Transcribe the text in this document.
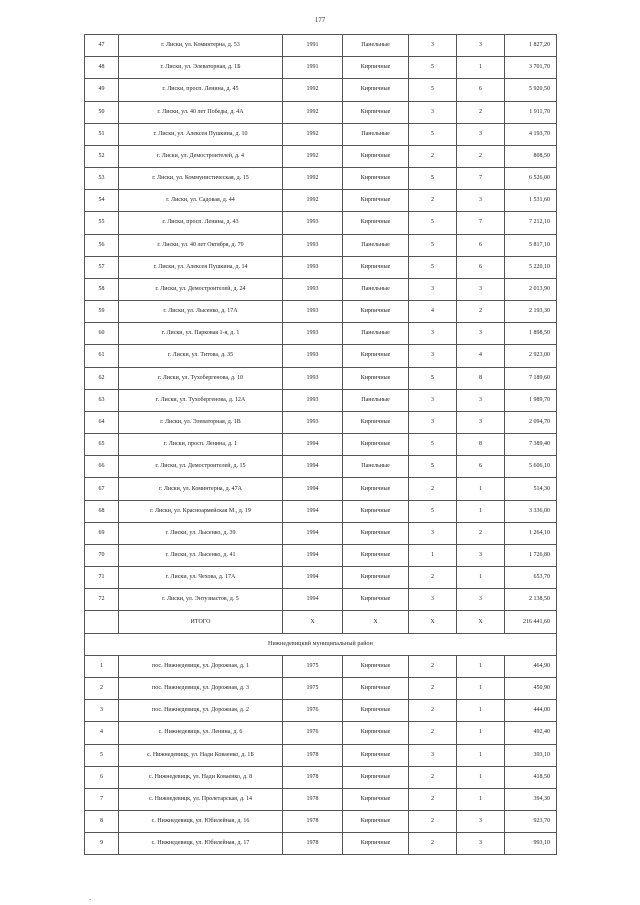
177
47	г. Лиски, ул. Коминтерна, д. 53	1991	Панельные	3	3	1 827,20
48	г. Лиски, ул. Элеваторная, д. 1Б	1991	Кирпичные	5	1	3 701,70
49	г. Лиски, просп. Ленина, д. 45	1992	Кирпичные	5	6	5 920,50
50	г. Лиски, ул. 40 лет Победы, д. 4А	1992	Кирпичные	3	2	1 911,70
51	г. Лиски, ул. Алексея Пушкина, д. 10	1992	Панельные	5	3	4 193,70
52	г. Лиски, ул. Демостроителей, д. 4	1992	Кирпичные	2	2	808,50
53	г. Лиски, ул. Коммунистическая, д. 15	1992	Кирпичные	5	7	6 526,00
54	г. Лиски, ул. Садовая, д. 44	1992	Кирпичные	2	3	1 531,60
55	г. Лиски, просп. Ленина, д. 43	1993	Кирпичные	5	7	7 212,10
56	г. Лиски, ул. 40 лет Октября, д. 79	1993	Панельные	5	6	5 817,10
57	г. Лиски, ул. Алексея Пушкина, д. 14	1993	Кирпичные	5	6	5 220,10
58	г. Лиски, ул. Демостроителей, д. 24	1993	Панельные	3	3	2 013,90
59	г. Лиски, ул. Лысенко, д. 17А	1993	Кирпичные	4	2	2 193,30
60	г. Лиски, ул. Парковая 1-я, д. 1	1993	Панельные	3	3	1 898,50
61	г. Лиски, ул. Титова, д. 35	1993	Кирпичные	3	4	2 923,00
62	г. Лиски, ул. Тухобергенова, д. 10	1993	Кирпичные	5	8	7 189,60
63	г. Лиски, ул. Тухобергенова, д. 12А	1993	Панельные	3	3	1 989,70
64	г. Лиски, ул. Элеваторная, д. 1В	1993	Кирпичные	3	3	2 094,70
65	г. Лиски, просп. Ленина, д. 1	1994	Кирпичные	5	8	7 389,40
66	г. Лиски, ул. Демостроителей, д. 15	1994	Панельные	5	6	5 606,10
67	г. Лиски, ул. Коминтерна, д. 47А	1994	Кирпичные	2	1	514,30
68	г. Лиски, ул. Красноармейская М., д. 19	1994	Кирпичные	5	1	3 336,00
69	г. Лиски, ул. Лысенко, д. 39	1994	Кирпичные	3	2	1 264,10
70	г. Лиски, ул. Лысенко, д. 41	1994	Кирпичные	1	3	1 726,80
71	г. Лиски, ул. Чехова, д. 17А	1994	Кирпичные	2	1	653,70
72	г. Лиски, ул. Энтузиастов, д. 5	1994	Кирпичные	3	3	2 138,50
	ИТОГО	X	X	X	X	216 441,60
Нижнедевицкий муниципальный район						
1	пос. Нижнедевицк, ул. Дорожная, д. 1	1975	Кирпичные	2	1	464,90
2	пос. Нижнедевицк, ул. Дорожная, д. 3	1975	Кирпичные	2	1	450,90
3	пос. Нижнедевицк, ул. Дорожная, д. 2	1976	Кирпичные	2	1	444,00
4	с. Нижнедевицк, ул. Ленина, д. 6	1976	Кирпичные	2	1	492,40
5	с. Нижнедевицк, ул. Нади Коваенко, д. 1Б	1978	Кирпичные	3	1	393,10
6	с. Нижнедевицк, ул. Нади Коваенко, д. 8	1978	Кирпичные	2	1	418,50
7	с. Нижнедевицк, ул. Пролетарская, д. 14	1978	Кирпичные	2	1	394,30
8	с. Нижнедевицк, ул. Юбилейная, д. 16	1978	Кирпичные	2	3	923,70
9	с. Нижнедевицк, ул. Юбилейная, д. 17	1978	Кирпичные	2	3	993,10
·
